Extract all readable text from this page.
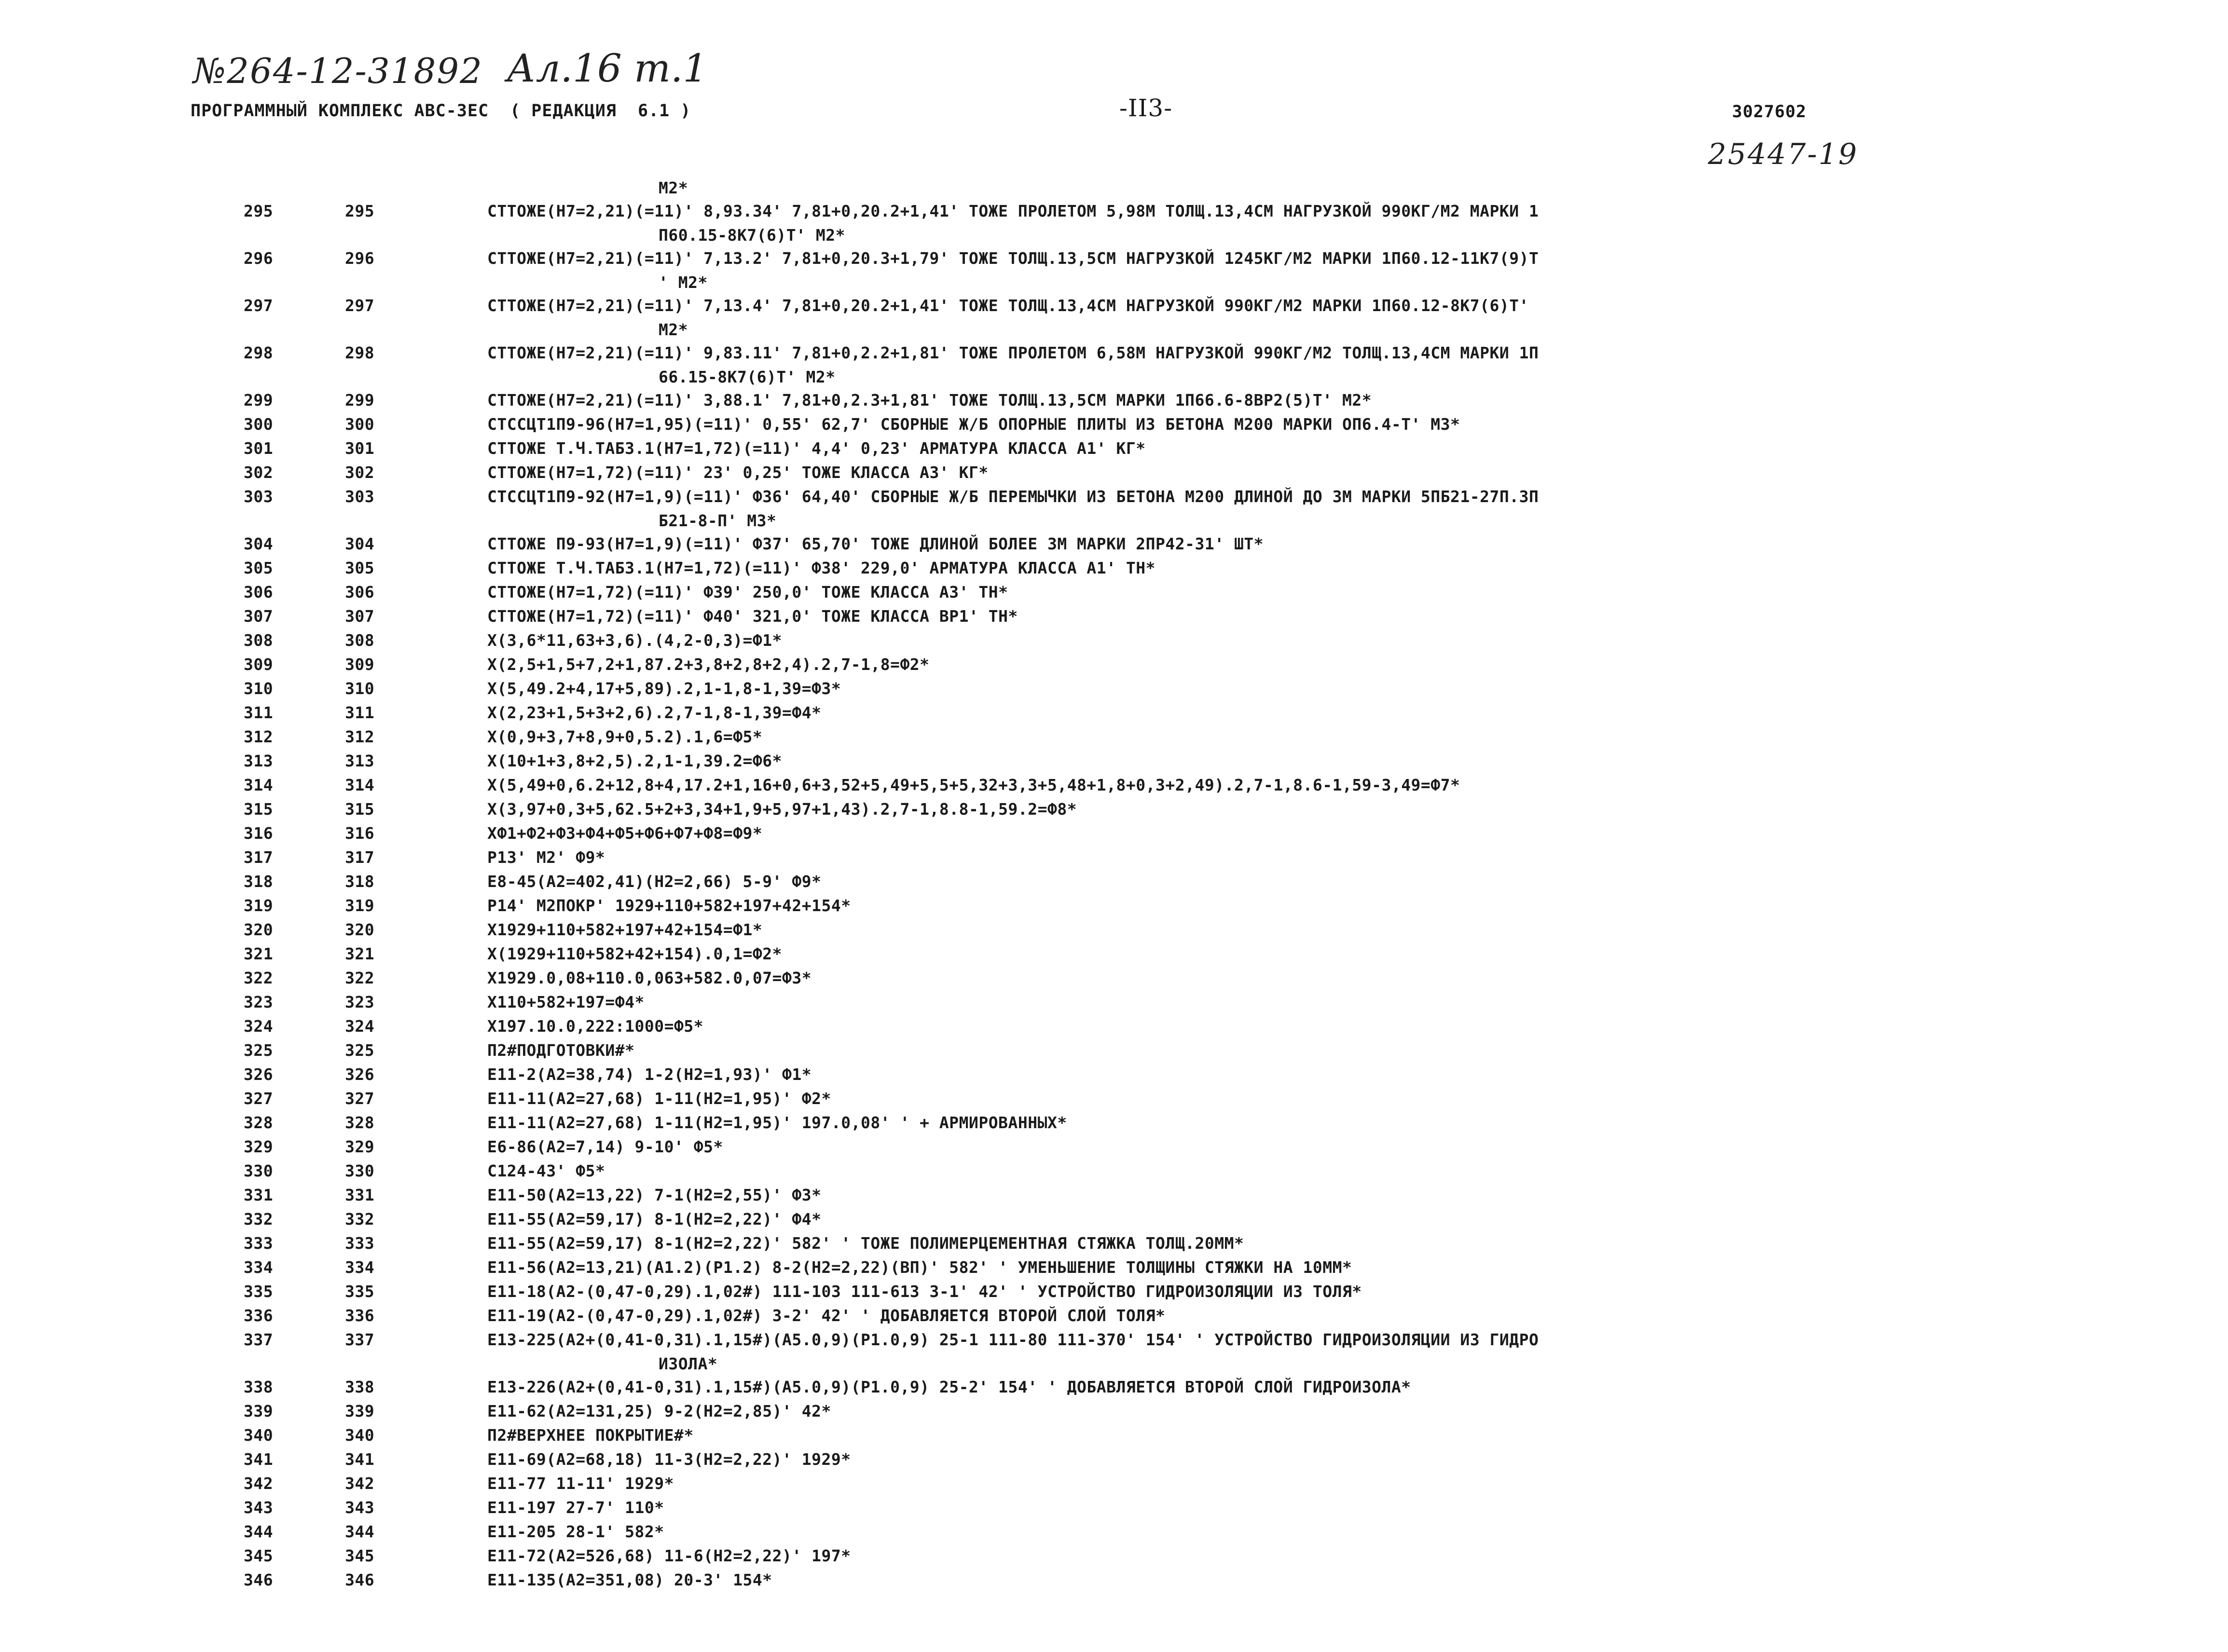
№264-12-31892 Ал.16 т.1
25447-19
ПРОГРАММНЫЙ КОМПЛЕКС АВС-ЗЕС  ( РЕДАКЦИЯ  6.1 )	-II3-	3027602
М2*
295	295	СТТОЖЕ(Н7=2,21)(=11)' 8,93.34' 7,81+0,20.2+1,41' ТОЖЕ ПРОЛЕТОМ 5,98М ТОЛЩ.13,4СМ НАГРУЗКОЙ 990КГ/М2 МАРКИ 1
П60.15-8К7(6)Т' М2*
296	296	СТТОЖЕ(Н7=2,21)(=11)' 7,13.2' 7,81+0,20.3+1,79' ТОЖЕ ТОЛЩ.13,5СМ НАГРУЗКОЙ 1245КГ/М2 МАРКИ 1П60.12-11К7(9)Т
' М2*
297	297	СТТОЖЕ(Н7=2,21)(=11)' 7,13.4' 7,81+0,20.2+1,41' ТОЖЕ ТОЛЩ.13,4СМ НАГРУЗКОЙ 990КГ/М2 МАРКИ 1П60.12-8К7(6)Т'
М2*
298	298	СТТОЖЕ(Н7=2,21)(=11)' 9,83.11' 7,81+0,2.2+1,81' ТОЖЕ ПРОЛЕТОМ 6,58М НАГРУЗКОЙ 990КГ/М2 ТОЛЩ.13,4СМ МАРКИ 1П
66.15-8К7(6)Т' М2*
299	299	СТТОЖЕ(Н7=2,21)(=11)' 3,88.1' 7,81+0,2.3+1,81' ТОЖЕ ТОЛЩ.13,5СМ МАРКИ 1П66.6-8ВР2(5)Т' М2*
300	300	СТССЦТ1П9-96(Н7=1,95)(=11)' 0,55' 62,7' СБОРНЫЕ Ж/Б ОПОРНЫЕ ПЛИТЫ ИЗ БЕТОНА М200 МАРКИ ОП6.4-Т' М3*
301	301	СТТОЖЕ Т.Ч.ТАБ3.1(Н7=1,72)(=11)' 4,4' 0,23' АРМАТУРА КЛАССА А1' КГ*
302	302	СТТОЖЕ(Н7=1,72)(=11)' 23' 0,25' ТОЖЕ КЛАССА А3' КГ*
303	303	СТССЦТ1П9-92(Н7=1,9)(=11)' Ф36' 64,40' СБОРНЫЕ Ж/Б ПЕРЕМЫЧКИ ИЗ БЕТОНА М200 ДЛИНОЙ ДО 3М МАРКИ 5ПБ21-27П.3П
Б21-8-П' М3*
304	304	СТТОЖЕ П9-93(Н7=1,9)(=11)' Ф37' 65,70' ТОЖЕ ДЛИНОЙ БОЛЕЕ 3М МАРКИ 2ПР42-31' ШТ*
305	305	СТТОЖЕ Т.Ч.ТАБ3.1(Н7=1,72)(=11)' Ф38' 229,0' АРМАТУРА КЛАССА А1' ТН*
306	306	СТТОЖЕ(Н7=1,72)(=11)' Ф39' 250,0' ТОЖЕ КЛАССА А3' ТН*
307	307	СТТОЖЕ(Н7=1,72)(=11)' Ф40' 321,0' ТОЖЕ КЛАССА ВР1' ТН*
308	308	Х(3,6*11,63+3,6).(4,2-0,3)=Ф1*
309	309	Х(2,5+1,5+7,2+1,87.2+3,8+2,8+2,4).2,7-1,8=Ф2*
310	310	Х(5,49.2+4,17+5,89).2,1-1,8-1,39=Ф3*
311	311	Х(2,23+1,5+3+2,6).2,7-1,8-1,39=Ф4*
312	312	Х(0,9+3,7+8,9+0,5.2).1,6=Ф5*
313	313	Х(10+1+3,8+2,5).2,1-1,39.2=Ф6*
314	314	Х(5,49+0,6.2+12,8+4,17.2+1,16+0,6+3,52+5,49+5,5+5,32+3,3+5,48+1,8+0,3+2,49).2,7-1,8.6-1,59-3,49=Ф7*
315	315	Х(3,97+0,3+5,62.5+2+3,34+1,9+5,97+1,43).2,7-1,8.8-1,59.2=Ф8*
316	316	ХФ1+Ф2+Ф3+Ф4+Ф5+Ф6+Ф7+Ф8=Ф9*
317	317	Р13' М2' Ф9*
318	318	Е8-45(А2=402,41)(Н2=2,66) 5-9' Ф9*
319	319	Р14' М2ПОКР' 1929+110+582+197+42+154*
320	320	Х1929+110+582+197+42+154=Ф1*
321	321	Х(1929+110+582+42+154).0,1=Ф2*
322	322	Х1929.0,08+110.0,063+582.0,07=Ф3*
323	323	Х110+582+197=Ф4*
324	324	Х197.10.0,222:1000=Ф5*
325	325	П2#ПОДГОТОВКИ#*
326	326	Е11-2(А2=38,74) 1-2(Н2=1,93)' Ф1*
327	327	Е11-11(А2=27,68) 1-11(Н2=1,95)' Ф2*
328	328	Е11-11(А2=27,68) 1-11(Н2=1,95)' 197.0,08' ' + АРМИРОВАННЫХ*
329	329	Е6-86(А2=7,14) 9-10' Ф5*
330	330	С124-43' Ф5*
331	331	Е11-50(А2=13,22) 7-1(Н2=2,55)' Ф3*
332	332	Е11-55(А2=59,17) 8-1(Н2=2,22)' Ф4*
333	333	Е11-55(А2=59,17) 8-1(Н2=2,22)' 582' ' ТОЖЕ ПОЛИМЕРЦЕМЕНТНАЯ СТЯЖКА ТОЛЩ.20ММ*
334	334	Е11-56(А2=13,21)(А1.2)(Р1.2) 8-2(Н2=2,22)(ВП)' 582' ' УМЕНЬШЕНИЕ ТОЛЩИНЫ СТЯЖКИ НА 10ММ*
335	335	Е11-18(А2-(0,47-0,29).1,02#) 111-103 111-613 3-1' 42' ' УСТРОЙСТВО ГИДРОИЗОЛЯЦИИ ИЗ ТОЛЯ*
336	336	Е11-19(А2-(0,47-0,29).1,02#) 3-2' 42' ' ДОБАВЛЯЕТСЯ ВТОРОЙ СЛОЙ ТОЛЯ*
337	337	Е13-225(А2+(0,41-0,31).1,15#)(А5.0,9)(Р1.0,9) 25-1 111-80 111-370' 154' ' УСТРОЙСТВО ГИДРОИЗОЛЯЦИИ ИЗ ГИДРО
ИЗОЛА*
338	338	Е13-226(А2+(0,41-0,31).1,15#)(А5.0,9)(Р1.0,9) 25-2' 154' ' ДОБАВЛЯЕТСЯ ВТОРОЙ СЛОЙ ГИДРОИЗОЛА*
339	339	Е11-62(А2=131,25) 9-2(Н2=2,85)' 42*
340	340	П2#ВЕРХНЕЕ ПОКРЫТИЕ#*
341	341	Е11-69(А2=68,18) 11-3(Н2=2,22)' 1929*
342	342	Е11-77 11-11' 1929*
343	343	Е11-197 27-7' 110*
344	344	Е11-205 28-1' 582*
345	345	Е11-72(А2=526,68) 11-6(Н2=2,22)' 197*
346	346	Е11-135(А2=351,08) 20-3' 154*
